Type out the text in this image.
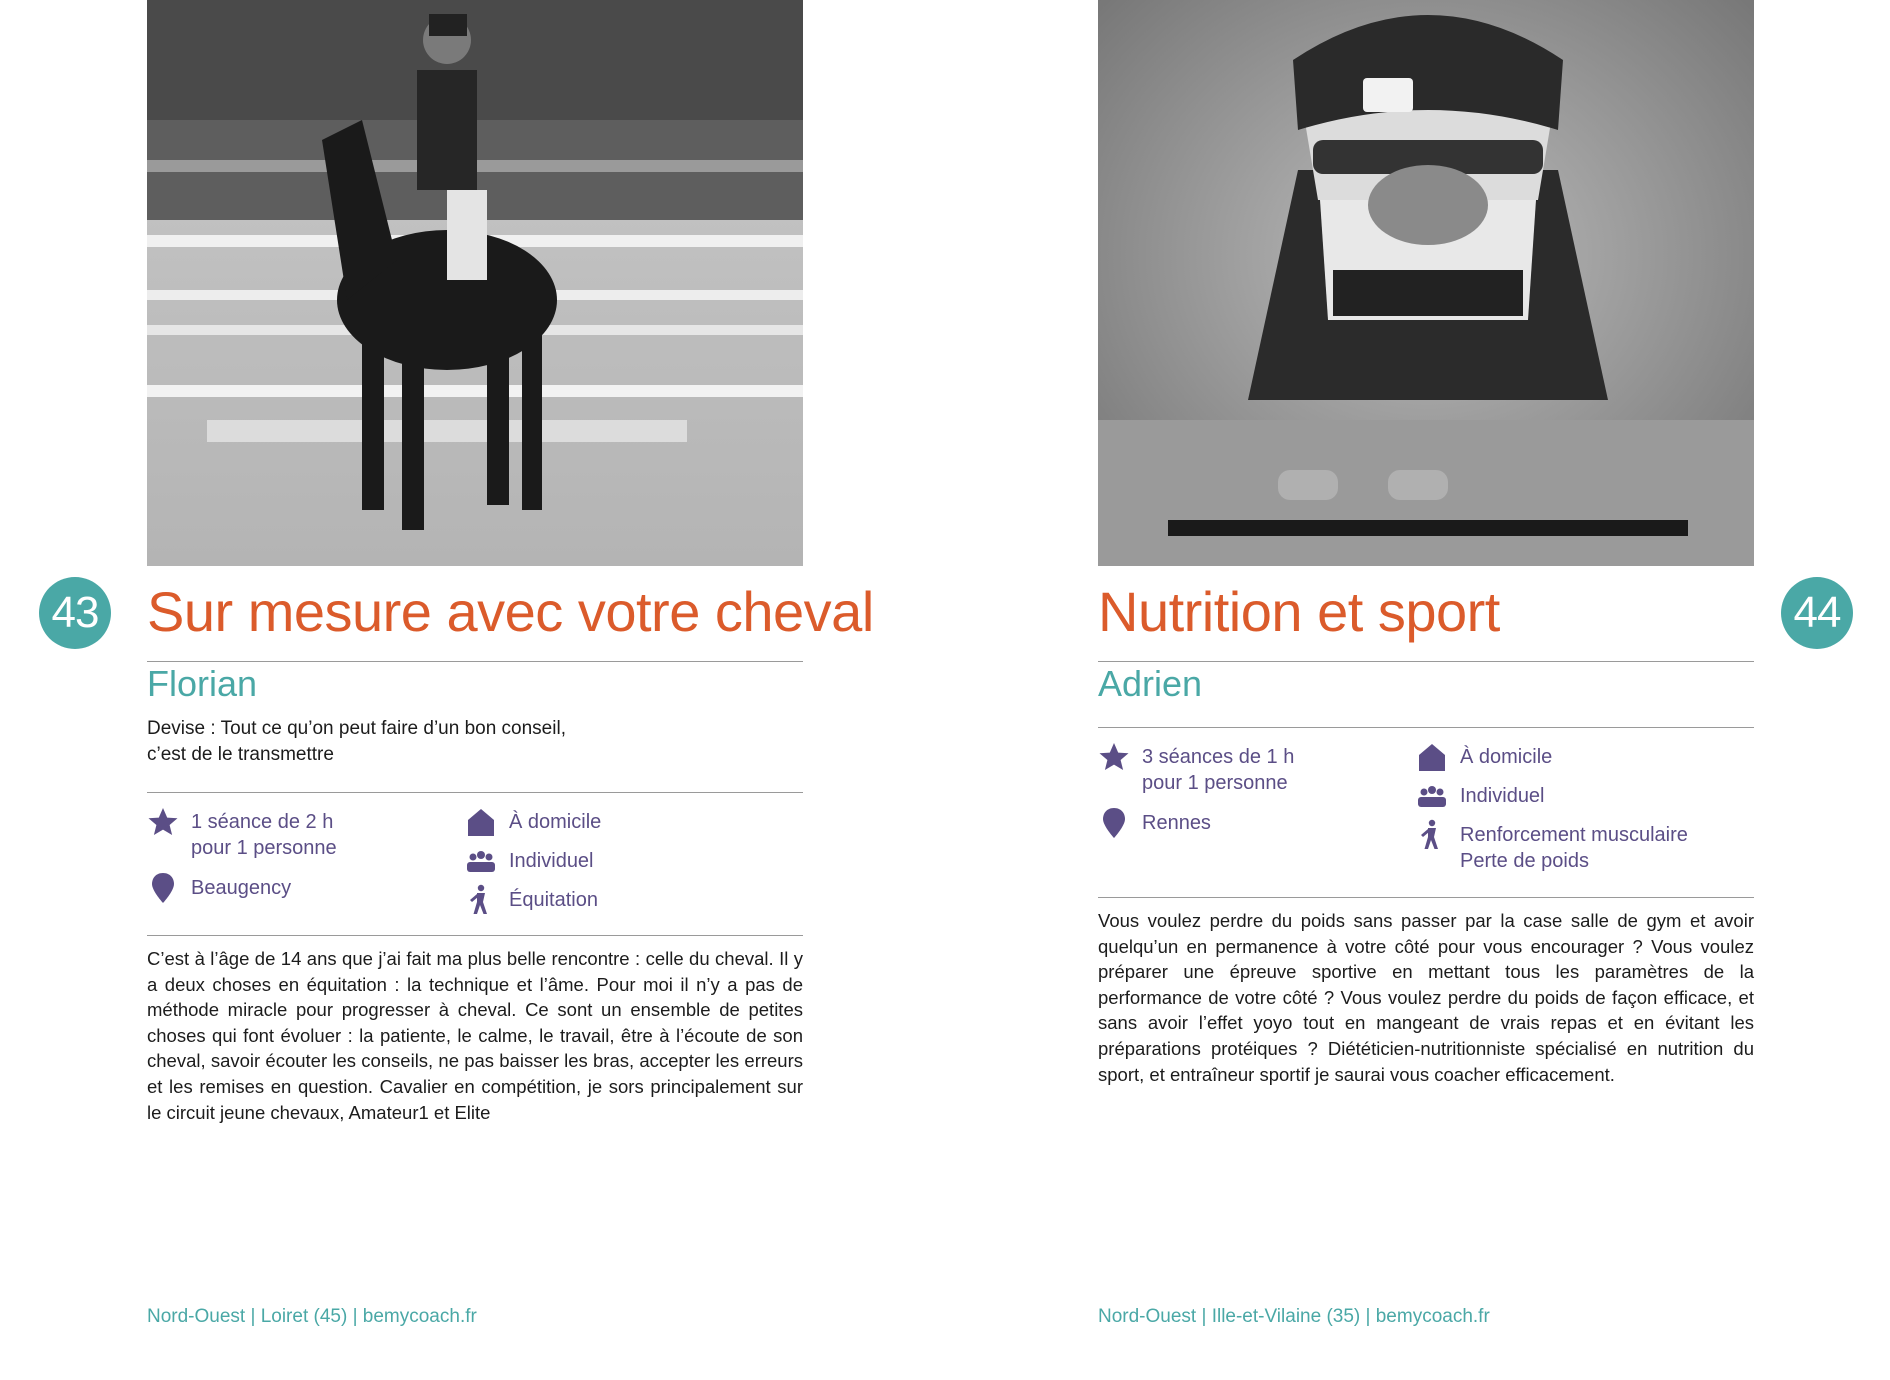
43 Sur mesure avec votre cheval
Florian
Devise : Tout ce qu’on peut faire d’un bon conseil,
c’est de le transmettre
1 séance de 2 h
pour 1 personne
Beaugency
À domicile
Individuel
Équitation

C’est à l’âge de 14 ans que j’ai fait ma plus belle rencontre : celle du cheval. Il y a deux choses en équitation : la technique et l’âme. Pour moi il n’y a pas de méthode miracle pour progresser à cheval. Ce sont un ensemble de petites choses qui font évoluer : la patiente, le calme, le travail, être à l’écoute de son cheval, savoir écouter les conseils, ne pas baisser les bras, accepter les erreurs et les remises en question. Cavalier en compétition, je sors principalement sur le circuit jeune chevaux, Amateur1 et Elite

Nord-Ouest | Loiret (45) | bemycoach.fr
44
Nutrition et sport
Adrien
3 séances de 1 h
pour 1 personne
Rennes
À domicile
Individuel
Renforcement musculaire
Perte de poids

Vous voulez perdre du poids sans passer par la case salle de gym et avoir quelqu’un en permanence à votre côté pour vous encourager ? Vous voulez préparer une épreuve sportive en mettant tous les paramètres de la performance de votre côté ? Vous voulez perdre du poids de façon efficace, et sans avoir l’effet yoyo tout en mangeant de vrais repas et en évitant les préparations protéiques ? Diététicien-nutritionniste spécialisé en nutrition du sport, et entraîneur sportif je saurai vous coacher efficacement.

Nord-Ouest | Ille-et-Vilaine (35) | bemycoach.fr
